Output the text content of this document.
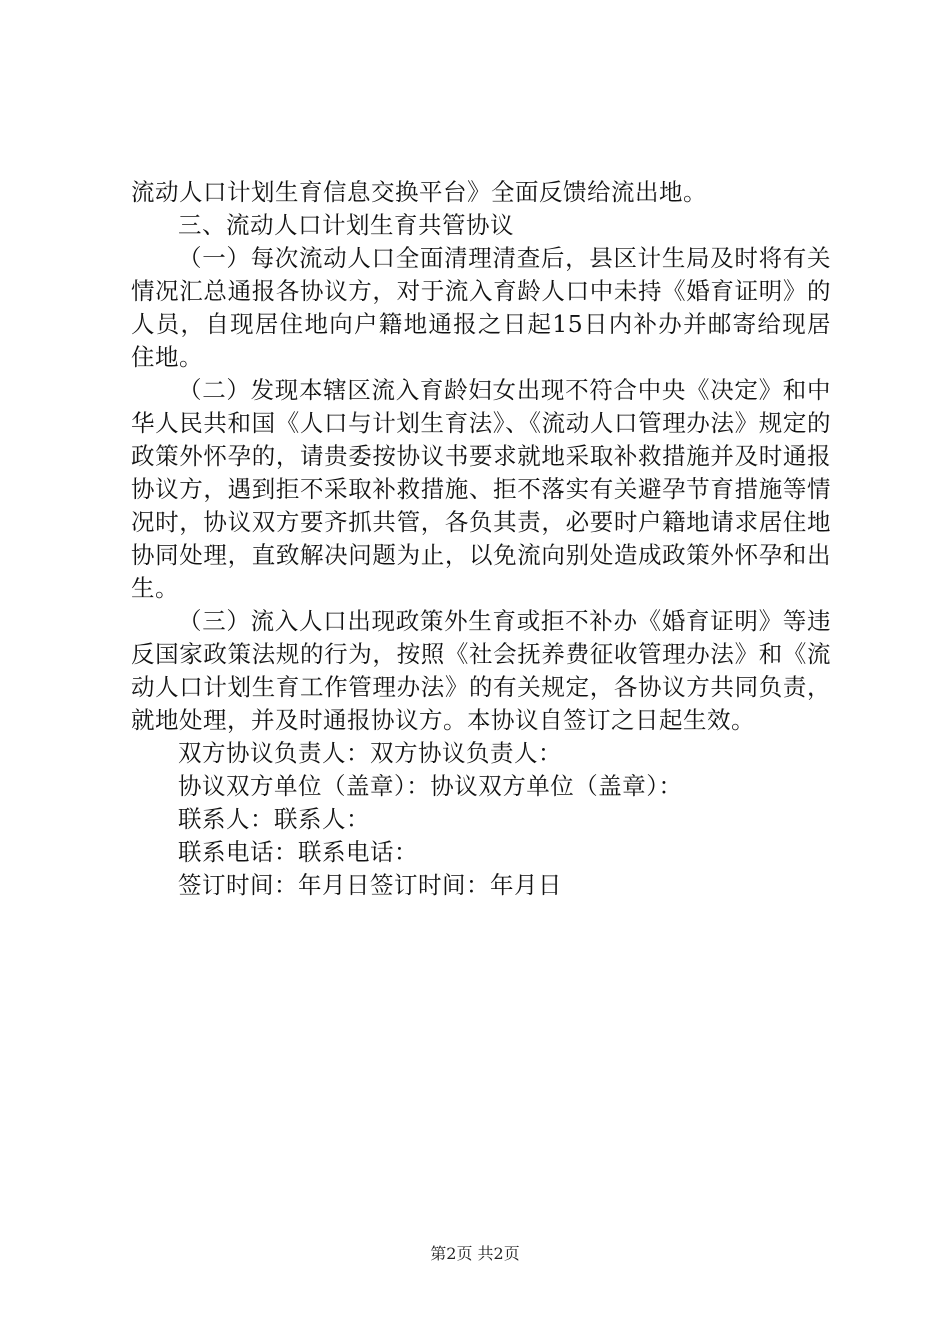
流动人口计划生育信息交换平台》全面反馈给流出地。

三、流动人口计划生育共管协议

（一）每次流动人口全面清理清查后，县区计生局及时将有关情况汇总通报各协议方，对于流入育龄人口中未持《婚育证明》的人员，自现居住地向户籍地通报之日起15日内补办并邮寄给现居住地。

（二）发现本辖区流入育龄妇女出现不符合中央《决定》和中华人民共和国《人口与计划生育法》、《流动人口管理办法》规定的政策外怀孕的，请贵委按协议书要求就地采取补救措施并及时通报协议方，遇到拒不采取补救措施、拒不落实有关避孕节育措施等情况时，协议双方要齐抓共管，各负其责，必要时户籍地请求居住地协同处理，直致解决问题为止，以免流向别处造成政策外怀孕和出生。

（三）流入人口出现政策外生育或拒不补办《婚育证明》等违反国家政策法规的行为，按照《社会抚养费征收管理办法》和《流动人口计划生育工作管理办法》的有关规定，各协议方共同负责，就地处理，并及时通报协议方。本协议自签订之日起生效。

双方协议负责人：双方协议负责人：

协议双方单位（盖章）：协议双方单位（盖章）：

联系人：联系人：

联系电话：联系电话：

签订时间：年月日签订时间：年月日

第2页 共2页
